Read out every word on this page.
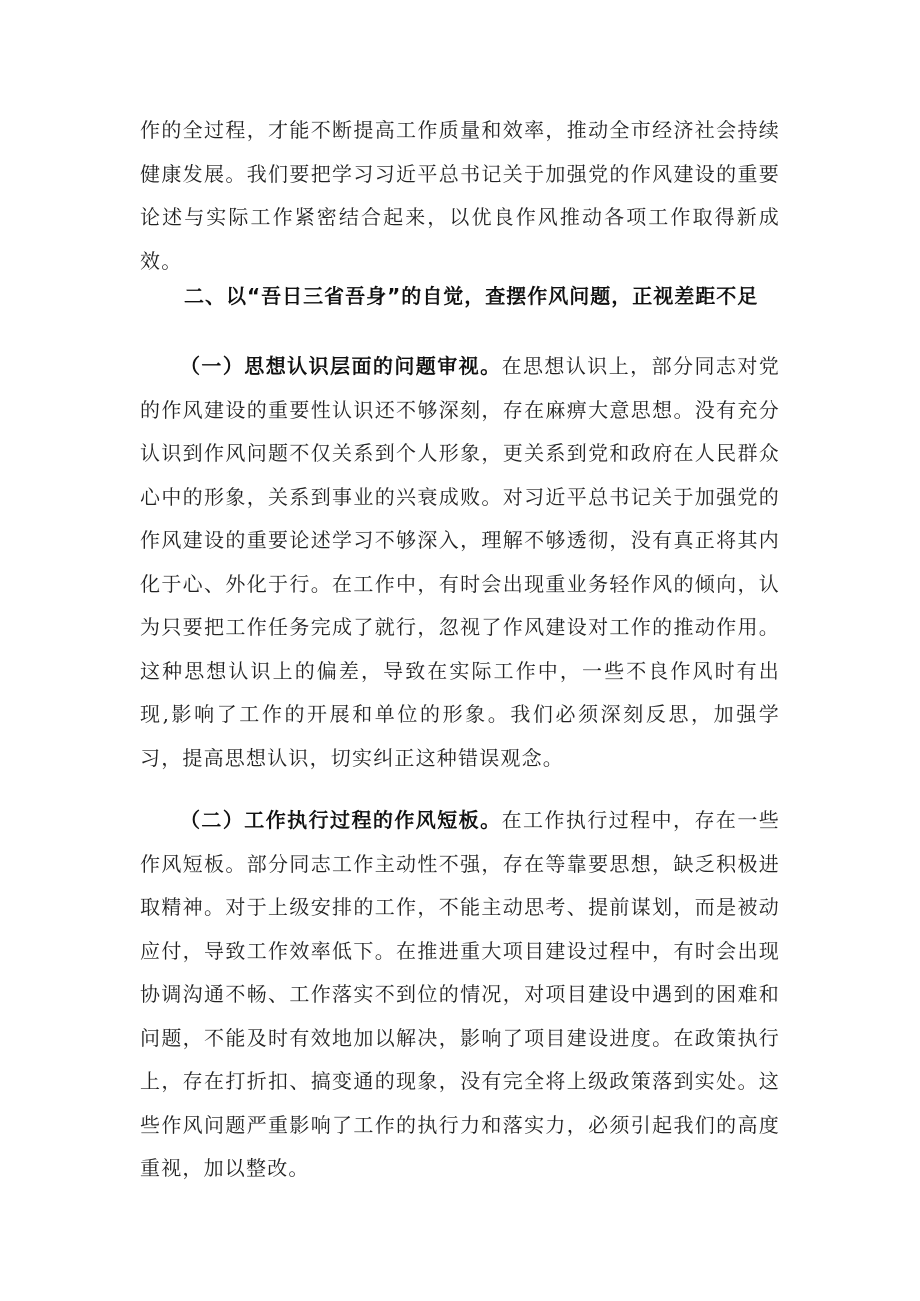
作的全过程，才能不断提高工作质量和效率，推动全市经济社会持续健康发展。我们要把学习习近平总书记关于加强党的作风建设的重要论述与实际工作紧密结合起来，以优良作风推动各项工作取得新成效。

二、以“吾日三省吾身”的自觉，查摆作风问题，正视差距不足

（一）思想认识层面的问题审视。在思想认识上，部分同志对党的作风建设的重要性认识还不够深刻，存在麻痹大意思想。没有充分认识到作风问题不仅关系到个人形象，更关系到党和政府在人民群众心中的形象，关系到事业的兴衰成败。对习近平总书记关于加强党的作风建设的重要论述学习不够深入，理解不够透彻，没有真正将其内化于心、外化于行。在工作中，有时会出现重业务轻作风的倾向，认为只要把工作任务完成了就行，忽视了作风建设对工作的推动作用。这种思想认识上的偏差，导致在实际工作中，一些不良作风时有出现,影响了工作的开展和单位的形象。我们必须深刻反思，加强学习，提高思想认识，切实纠正这种错误观念。

（二）工作执行过程的作风短板。在工作执行过程中，存在一些作风短板。部分同志工作主动性不强，存在等靠要思想，缺乏积极进取精神。对于上级安排的工作，不能主动思考、提前谋划，而是被动应付，导致工作效率低下。在推进重大项目建设过程中，有时会出现协调沟通不畅、工作落实不到位的情况，对项目建设中遇到的困难和问题，不能及时有效地加以解决，影响了项目建设进度。在政策执行上，存在打折扣、搞变通的现象，没有完全将上级政策落到实处。这些作风问题严重影响了工作的执行力和落实力，必须引起我们的高度重视，加以整改。
